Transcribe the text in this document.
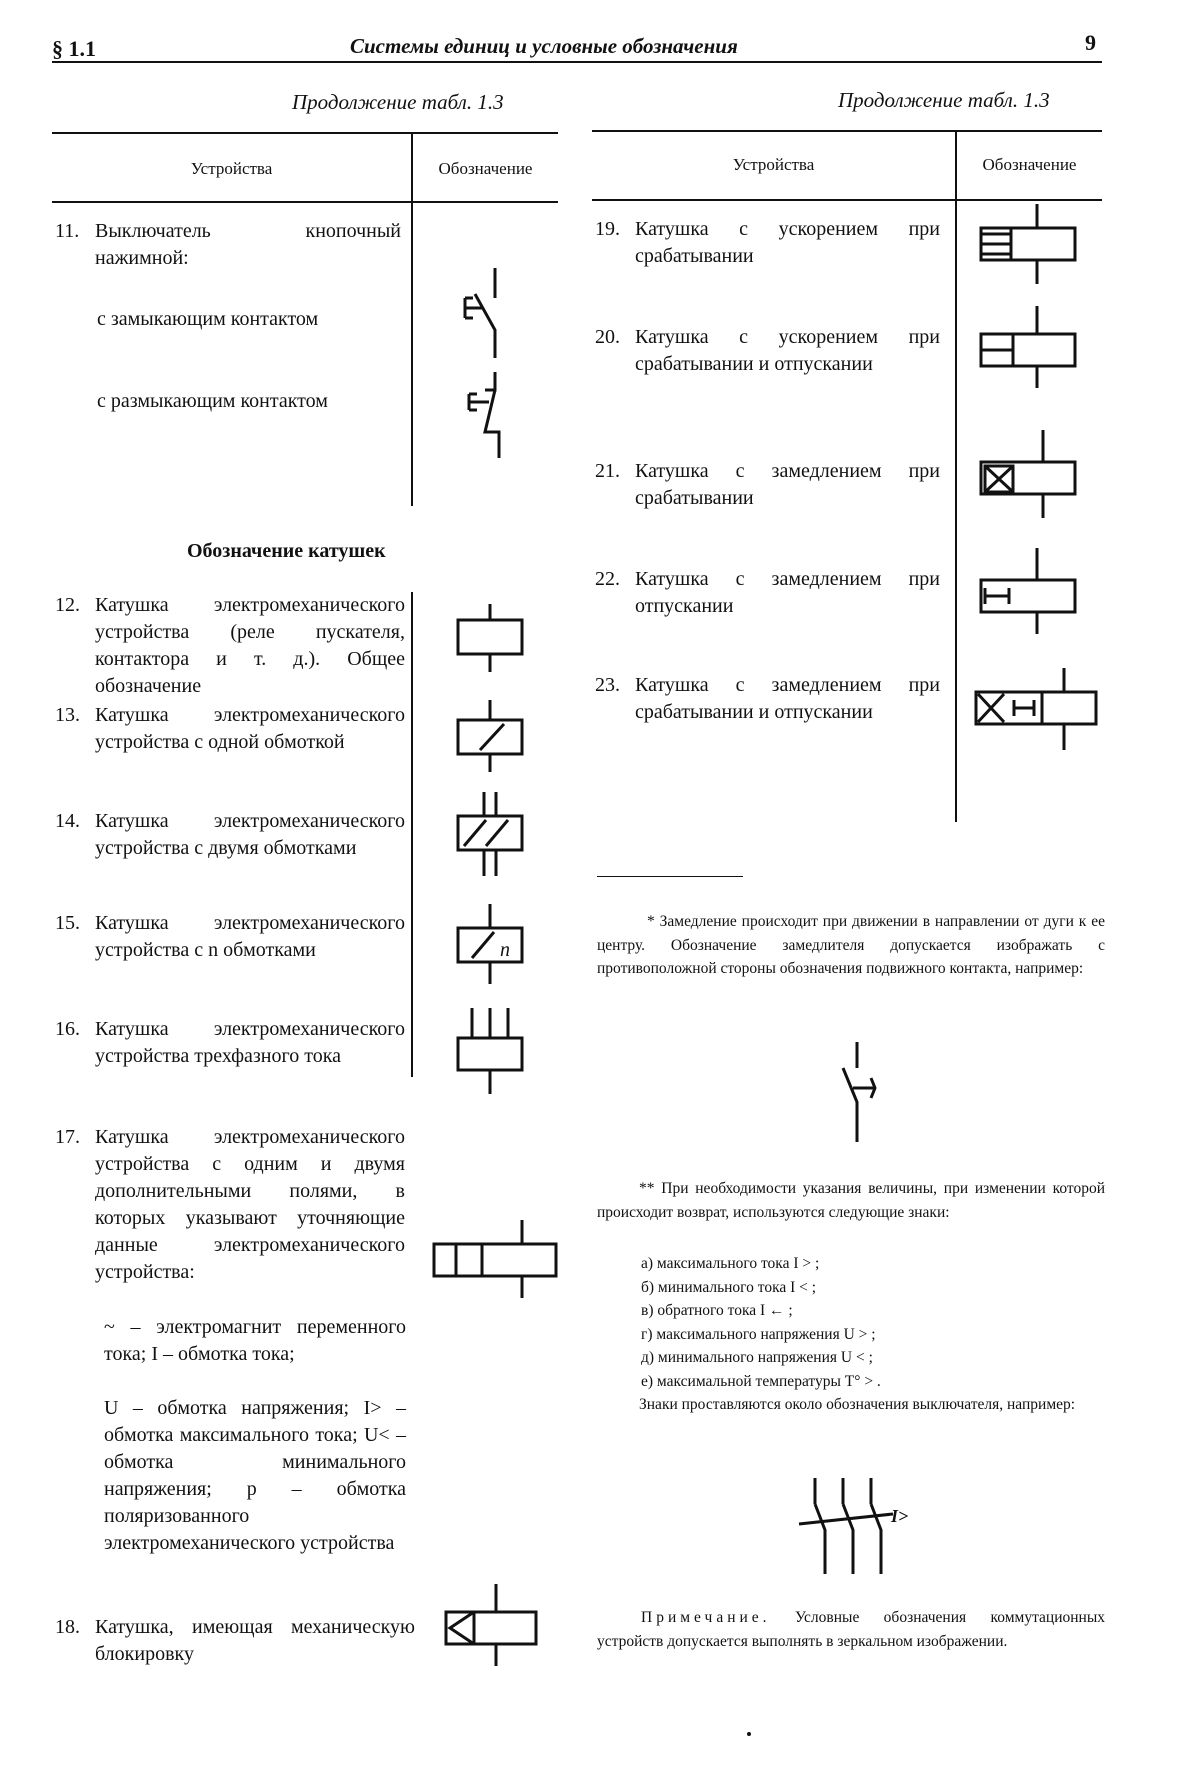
§ 1.1	Системы единиц и условные обозначения	9
Продолжение табл. 1.3	Продолжение табл. 1.3
Устройства	Обозначение	Устройства	Обозначение
11. Выключатель кнопочный нажимной:
с замыкающим контактом
с размыкающим контактом
Обозначение катушек
12. Катушка электромеханического устройства (реле пускателя, контактора и т. д.). Общее обозначение
13. Катушка электромеханического устройства с одной обмоткой
14. Катушка электромеханического устройства с двумя обмотками
15. Катушка электромеханического устройства с n обмотками
16. Катушка электромеханического устройства трехфазного тока
17. Катушка электромеханического устройства с одним и двумя дополнительными полями, в которых указывают уточняющие данные электромеханического устройства:
~ – электромагнит переменного тока; I – обмотка тока;
U – обмотка напряжения; I> – обмотка максимального тока; U< – обмотка минимального напряжения; p – обмотка поляризованного электромеханического устройства
18. Катушка, имеющая механическую блокировку
n
19. Катушка с ускорением при срабатывании
20. Катушка с ускорением при срабатывании и отпускании
21. Катушка с замедлением при срабатывании
22. Катушка с замедлением при отпускании
23. Катушка с замедлением при срабатывании и отпускании
* Замедление происходит при движении в направлении от дуги к ее центру. Обозначение замедлителя допускается изображать с противоположной стороны обозначения подвижного контакта, например:
** При необходимости указания величины, при изменении которой происходит возврат, используются следующие знаки:
а) максимального тока I > ;
б) минимального тока I < ;
в) обратного тока I ← ;
г) максимального напряжения U > ;
д) минимального напряжения U < ;
е) максимальной температуры T° > .
Знаки проставляются около обозначения выключателя, например:
I>
Примечание. Условные обозначения коммутационных устройств допускается выполнять в зеркальном изображении.
